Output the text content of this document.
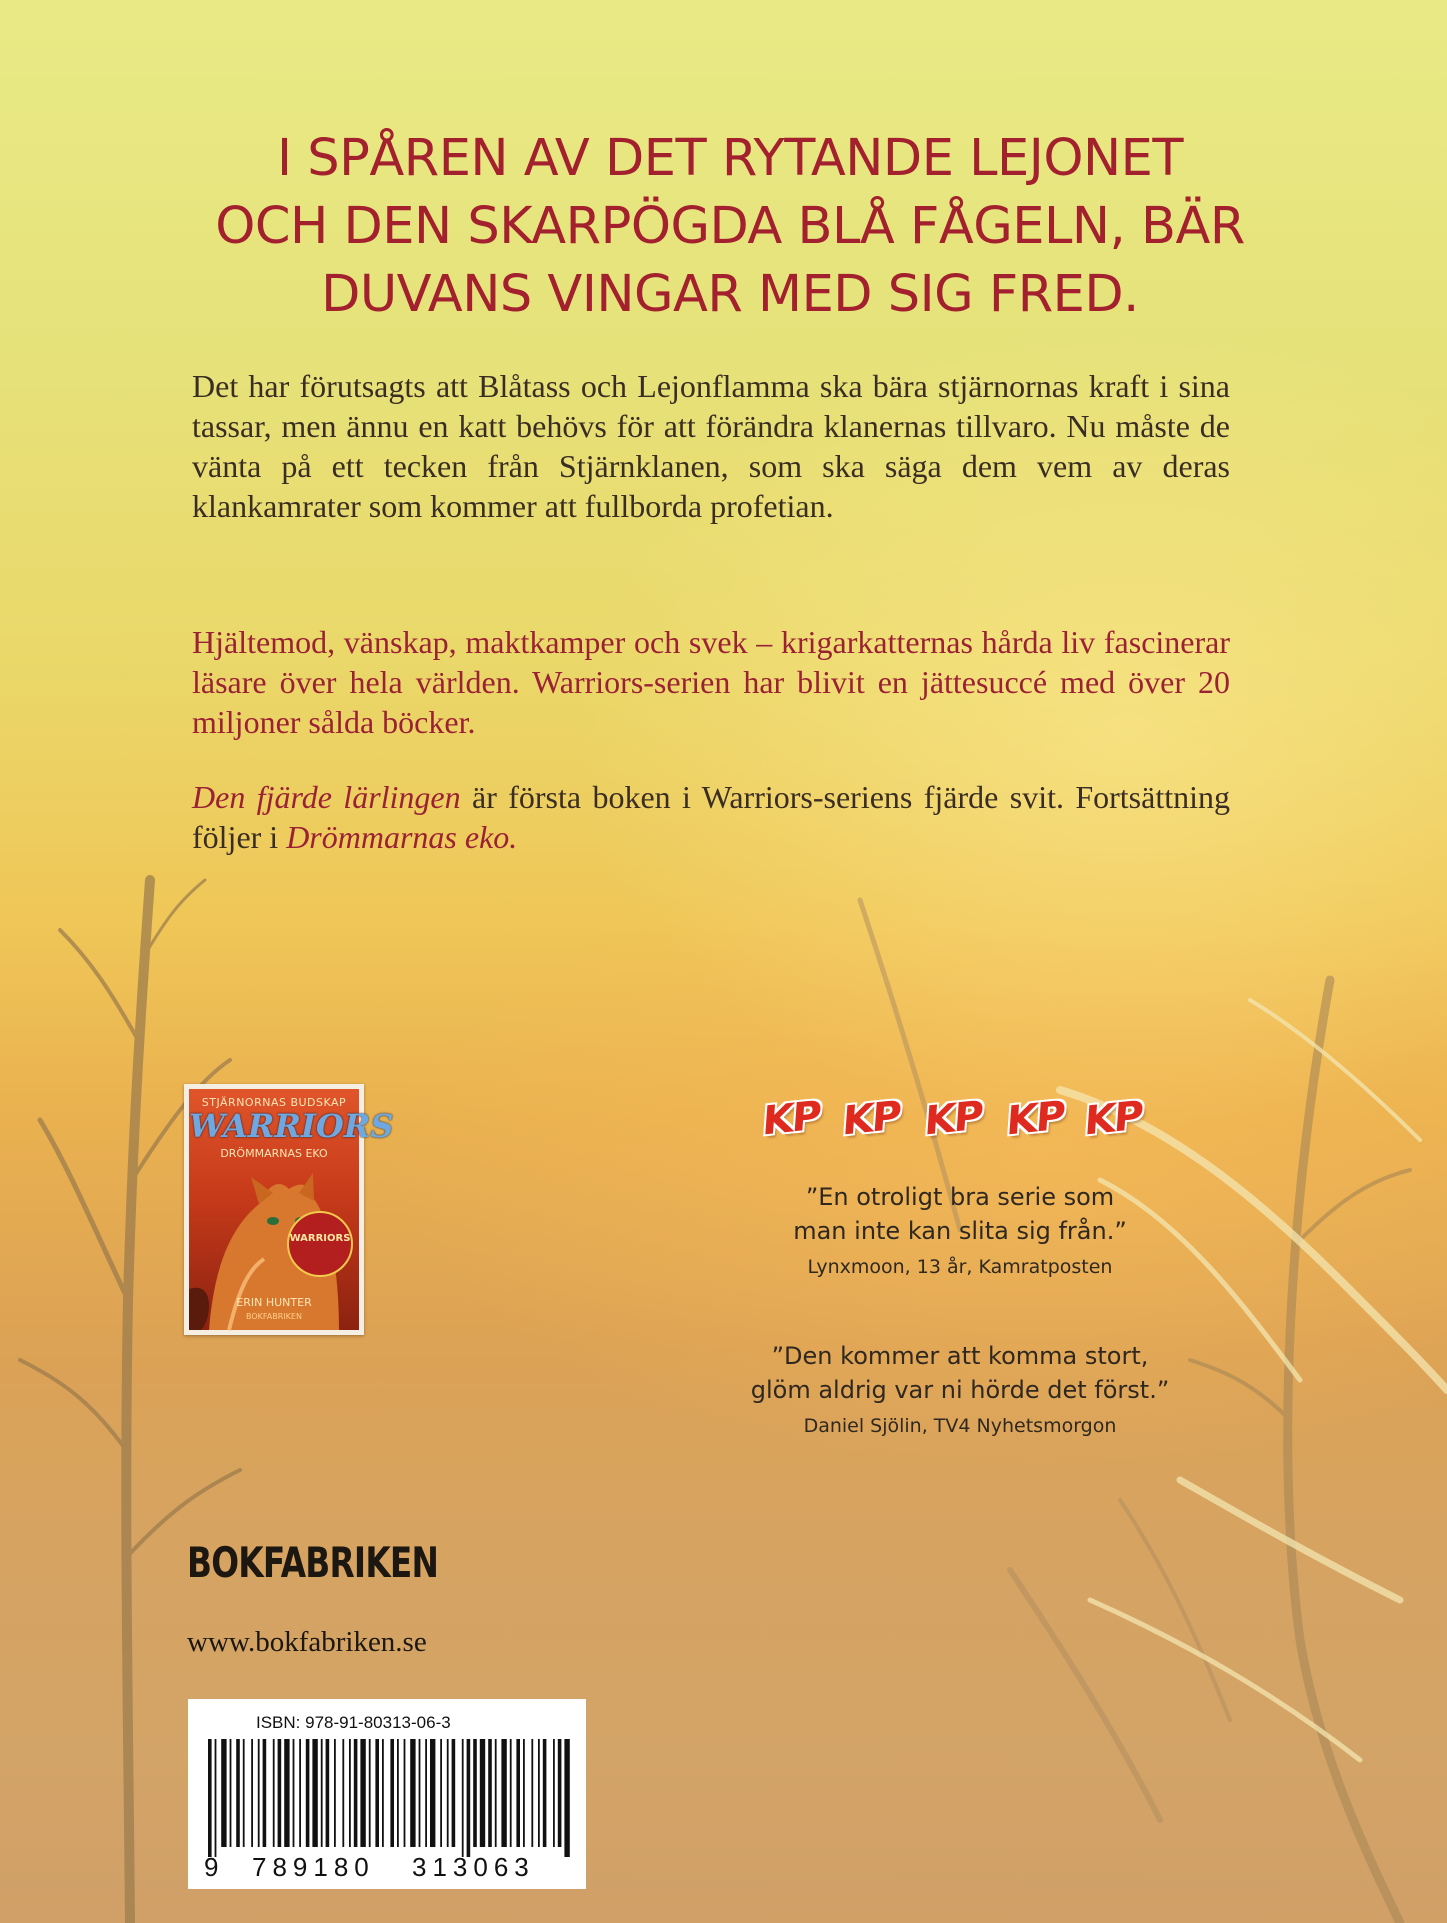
I SPÅREN AV DET RYTANDE LEJONET
OCH DEN SKARPÖGDA BLÅ FÅGELN, BÄR
DUVANS VINGAR MED SIG FRED.

Det har förutsagts att Blåtass och Lejonflamma ska bära stjärnornas kraft i sina tassar, men ännu en katt behövs för att förändra klanernas tillvaro. Nu måste de vänta på ett tecken från Stjärnklanen, som ska säga dem vem av deras klankamrater som kommer att fullborda profetian.

Hjältemod, vänskap, maktkamper och svek – krigarkatternas hårda liv fascinerar läsare över hela världen. Warriors-serien har blivit en jättesuccé med över 20 miljoner sålda böcker.

Den fjärde lärlingen är första boken i Warriors-seriens fjärde svit. Fortsättning följer i Drömmarnas eko.

STJÄRNORNAS BUDSKAP
WARRIORS
DRÖMMARNAS EKO
WARRIORS
ERIN HUNTER
BOKFABRIKEN
KP KP KP KP KP

”En otroligt bra serie som

man inte kan slita sig från.”

Lynxmoon, 13 år, Kamratposten

”Den kommer att komma stort,

glöm aldrig var ni hörde det först.”

Daniel Sjölin, TV4 Nyhetsmorgon

BOKFABRIKEN

www.bokfabriken.se

ISBN: 978-91-80313-06-3

9 789180 313063
